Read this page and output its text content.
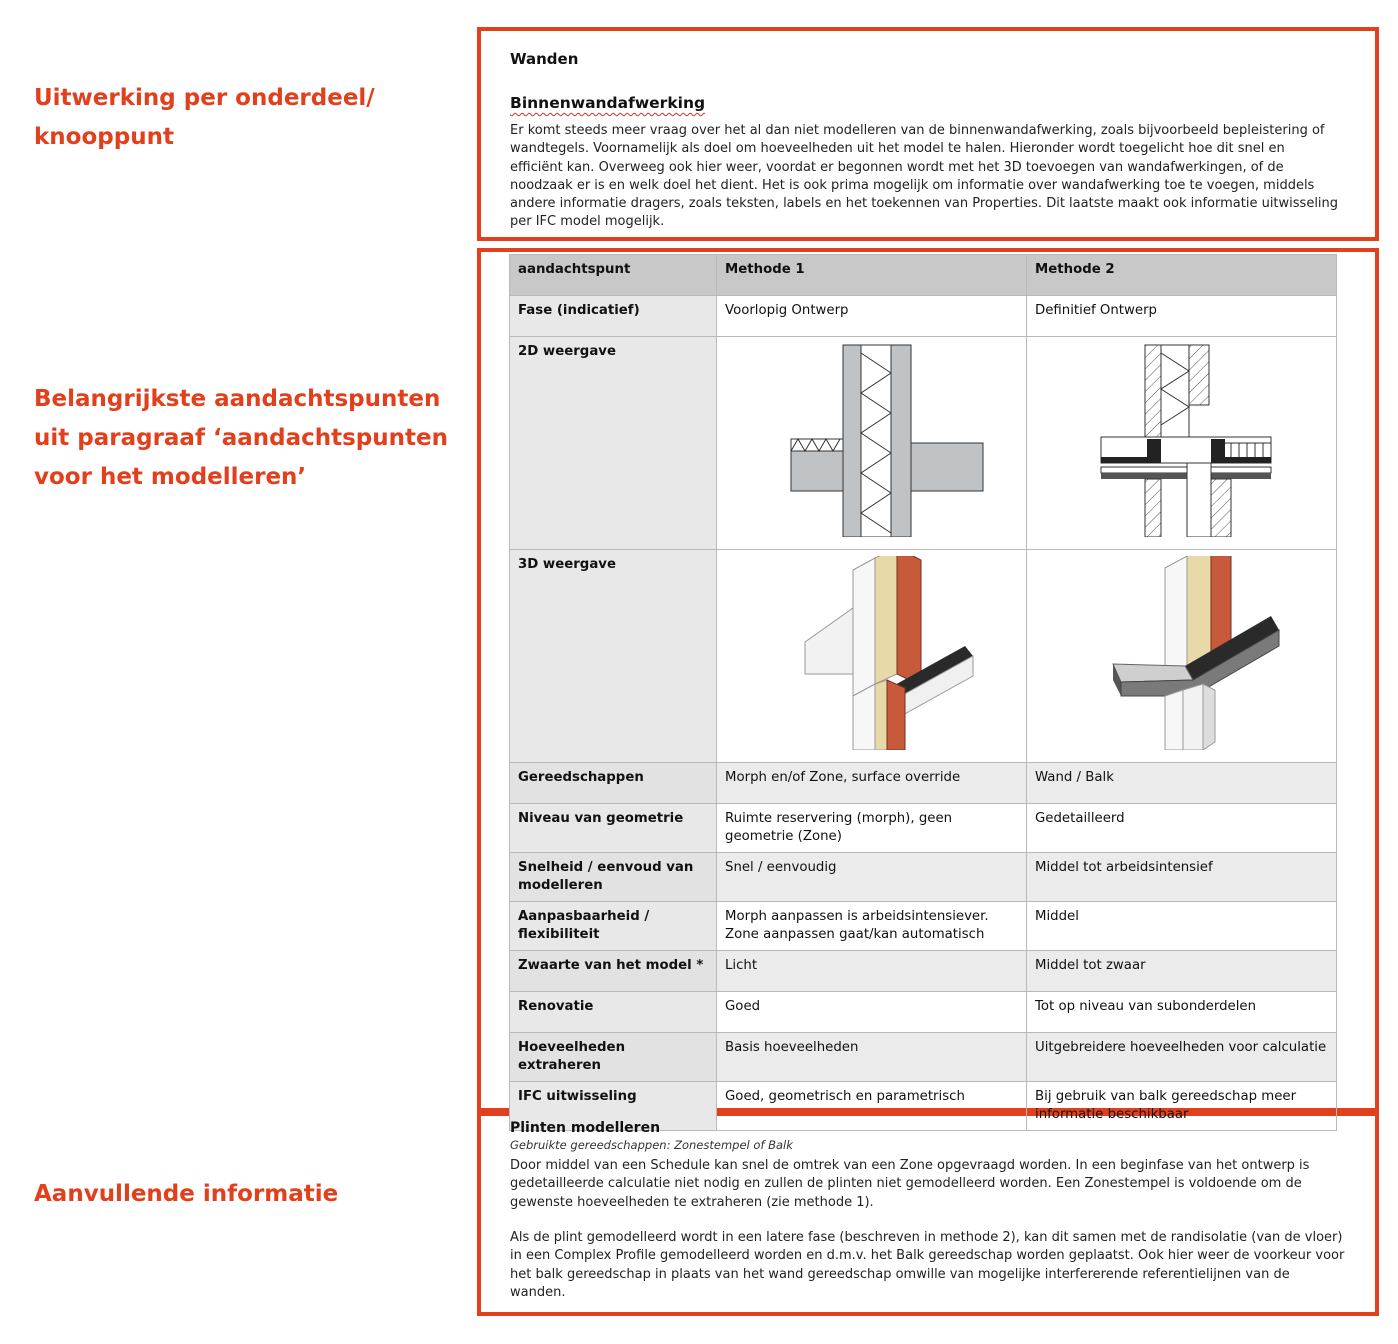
Uitwerking per onderdeel/
knooppunt
Belangrijkste aandachtspunten
uit paragraaf ‘aandachtspunten
voor het modelleren’
Aanvullende informatie
Wanden
Binnenwandafwerking
Er komt steeds meer vraag over het al dan niet modelleren van de binnenwandafwerking, zoals bijvoorbeeld bepleistering of wandtegels. Voornamelijk als doel om hoeveelheden uit het model te halen. Hieronder wordt toegelicht hoe dit snel en efficiënt kan. Overweeg ook hier weer, voordat er begonnen wordt met het 3D toevoegen van wandafwerkingen, of de noodzaak er is en welk doel het dient. Het is ook prima mogelijk om informatie over wandafwerking toe te voegen, middels andere informatie dragers, zoals teksten, labels en het toekennen van Properties. Dit laatste maakt ook informatie uitwisseling per IFC model mogelijk.
aandachtspunt	Methode 1	Methode 2
Fase (indicatief)	Voorlopig Ontwerp	Definitief Ontwerp
2D weergave		
3D weergave		
Gereedschappen	Morph en/of Zone, surface override	Wand / Balk
Niveau van geometrie	Ruimte reservering (morph), geen geometrie (Zone)	Gedetailleerd
Snelheid / eenvoud van modelleren	Snel / eenvoudig	Middel tot arbeidsintensief
Aanpasbaarheid / flexibiliteit	Morph aanpassen is arbeidsintensiever. Zone aanpassen gaat/kan automatisch	Middel
Zwaarte van het model *	Licht	Middel tot zwaar
Renovatie	Goed	Tot op niveau van subonderdelen
Hoeveelheden extraheren	Basis hoeveelheden	Uitgebreidere hoeveelheden voor calculatie
IFC uitwisseling	Goed, geometrisch en parametrisch	Bij gebruik van balk gereedschap meer informatie beschikbaar
Plinten modelleren
Gebruikte gereedschappen: Zonestempel of Balk
Door middel van een Schedule kan snel de omtrek van een Zone opgevraagd worden. In een beginfase van het ontwerp is gedetailleerde calculatie niet nodig en zullen de plinten niet gemodelleerd worden. Een Zonestempel is voldoende om de gewenste hoeveelheden te extraheren (zie methode 1).
Als de plint gemodelleerd wordt in een latere fase (beschreven in methode 2), kan dit samen met de randisolatie (van de vloer) in een Complex Profile gemodelleerd worden en d.m.v. het Balk gereedschap worden geplaatst. Ook hier weer de voorkeur voor het balk gereedschap in plaats van het wand gereedschap omwille van mogelijke interfererende referentielijnen van de wanden.
